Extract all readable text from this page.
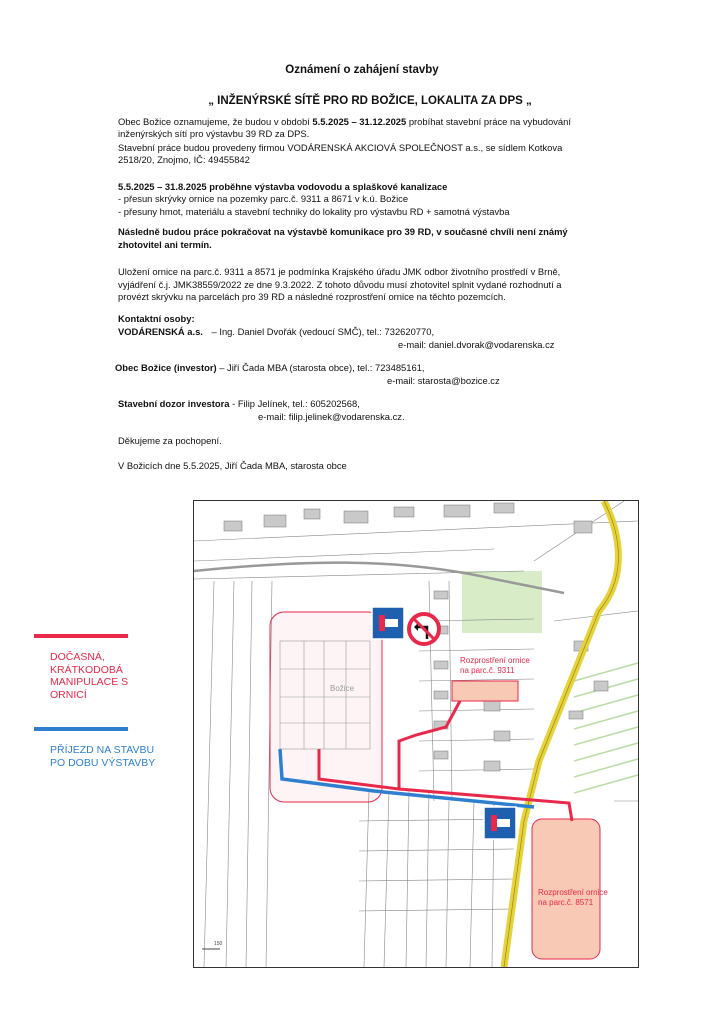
Oznámení o zahájení stavby
„ INŽENÝRSKÉ SÍTĚ PRO RD BOŽICE, LOKALITA ZA DPS „
Obec Božice oznamujeme, že budou v období 5.5.2025 – 31.12.2025 probíhat stavební práce na vybudování
inženýrských sítí pro výstavbu 39 RD za DPS.
Stavební práce budou provedeny firmou VODÁRENSKÁ AKCIOVÁ SPOLEČNOST a.s., se sídlem Kotkova
2518/20, Znojmo, IČ: 49455842
5.5.2025 – 31.8.2025 proběhne výstavba vodovodu a splaškové kanalizace
- přesun skrývky ornice na pozemky parc.č. 9311 a 8671 v k.ú. Božice
- přesuny hmot, materiálu a stavební techniky do lokality pro výstavbu RD + samotná výstavba
Následně budou práce pokračovat na výstavbě komunikace pro 39 RD, v současné chvíli není známý
zhotovitel ani termín.
Uložení ornice na parc.č. 9311 a 8571 je podmínka Krajského úřadu JMK odbor životního prostředí v Brně,
vyjádření č.j. JMK38559/2022 ze dne 9.3.2022. Z tohoto důvodu musí zhotovitel splnit vydané rozhodnutí a
provézt skrývku na parcelách pro 39 RD a následné rozprostření ornice na těchto pozemcích.
Kontaktní osoby:
VODÁRENSKÁ a.s. – Ing. Daniel Dvořák (vedoucí SMČ), tel.: 732620770,
e-mail: daniel.dvorak@vodarenska.cz
Obec Božice (investor) – Jiří Čada MBA (starosta obce), tel.: 723485161,
e-mail: starosta@bozice.cz
Stavební dozor investora - Filip Jelínek, tel.: 605202568,
e-mail: filip.jelinek@vodarenska.cz.
Děkujeme za pochopení.
V Božicích dne 5.5.2025, Jiří Čada MBA, starosta obce
DOČASNÁ,
KRÁTKODOBÁ
MANIPULACE S
ORNICÍ
PŘÍJEZD NA STAVBU
PO DOBU VÝSTAVBY
Božice
Rozprostření ornice
na parc.č. 9311
Rozprostření ornice
na parc.č. 8571
150
